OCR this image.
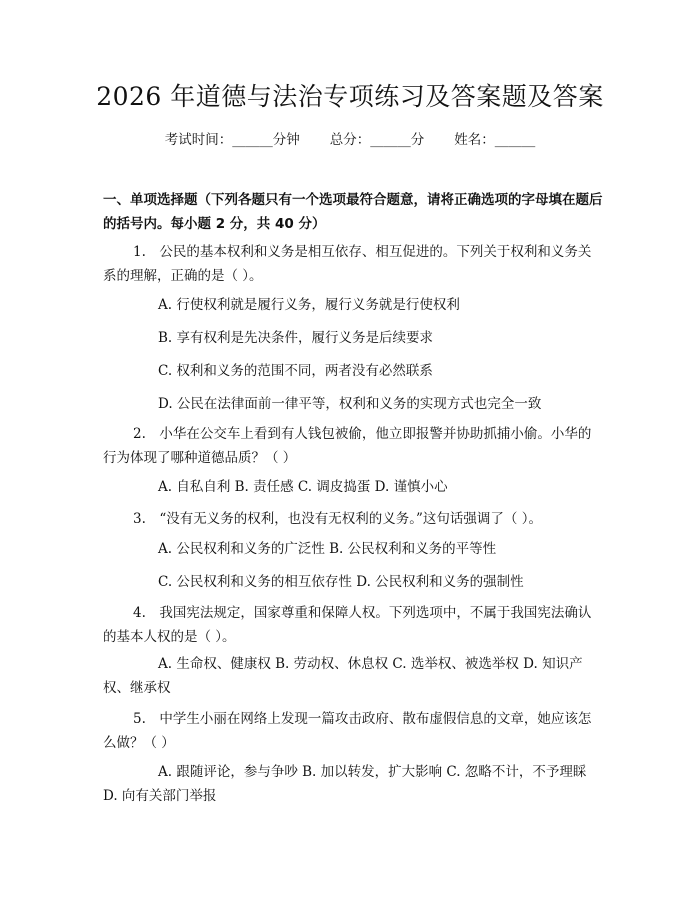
2026 年道德与法治专项练习及答案题及答案
考试时间：______分钟 总分：______分 姓名：______
一、单项选择题（下列各题只有一个选项最符合题意，请将正确选项的字母填在题后的括号内。每小题 2 分，共 40 分）
1.　公民的基本权利和义务是相互依存、相互促进的。下列关于权利和义务关系的理解，正确的是（ ）。
A. 行使权利就是履行义务，履行义务就是行使权利
B. 享有权利是先决条件，履行义务是后续要求
C. 权利和义务的范围不同，两者没有必然联系
D. 公民在法律面前一律平等，权利和义务的实现方式也完全一致
2.　小华在公交车上看到有人钱包被偷，他立即报警并协助抓捕小偷。小华的行为体现了哪种道德品质？（ ）
A. 自私自利 B. 责任感 C. 调皮捣蛋 D. 谨慎小心
3.　“没有无义务的权利，也没有无权利的义务。”这句话强调了（ ）。
A. 公民权利和义务的广泛性 B. 公民权利和义务的平等性
C. 公民权利和义务的相互依存性 D. 公民权利和义务的强制性
4.　我国宪法规定，国家尊重和保障人权。下列选项中，不属于我国宪法确认的基本人权的是（ ）。
A. 生命权、健康权 B. 劳动权、休息权 C. 选举权、被选举权 D. 知识产权、继承权
5.　中学生小丽在网络上发现一篇攻击政府、散布虚假信息的文章，她应该怎么做？（ ）
A. 跟随评论，参与争吵 B. 加以转发，扩大影响 C. 忽略不计，不予理睬 D. 向有关部门举报
